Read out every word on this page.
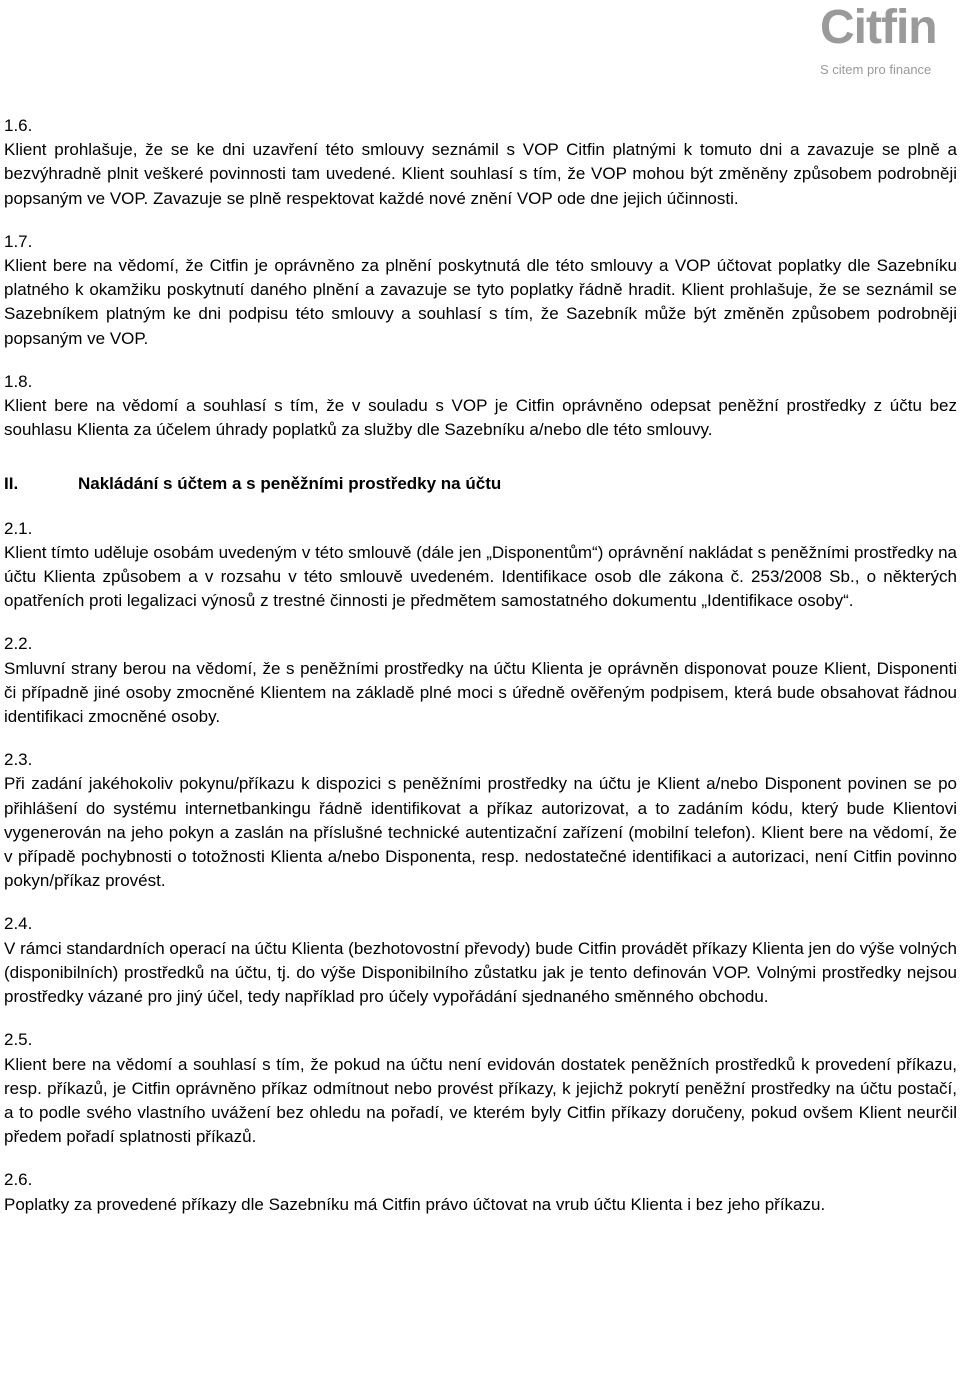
Citfin
S citem pro finance
1.6.
Klient prohlašuje, že se ke dni uzavření této smlouvy seznámil s VOP Citfin platnými k tomuto dni a zavazuje se plně a bezvýhradně plnit veškeré povinnosti tam uvedené. Klient souhlasí s tím, že VOP mohou být změněny způsobem podrobněji popsaným ve VOP. Zavazuje se plně respektovat každé nové znění VOP ode dne jejich účinnosti.
1.7.
Klient bere na vědomí, že Citfin je oprávněno za plnění poskytnutá dle této smlouvy a VOP účtovat poplatky dle Sazebníku platného k okamžiku poskytnutí daného plnění a zavazuje se tyto poplatky řádně hradit. Klient prohlašuje, že se seznámil se Sazebníkem platným ke dni podpisu této smlouvy a souhlasí s tím, že Sazebník může být změněn způsobem podrobněji popsaným ve VOP.
1.8.
Klient bere na vědomí a souhlasí s tím, že v souladu s VOP je Citfin oprávněno odepsat peněžní prostředky z účtu bez souhlasu Klienta za účelem úhrady poplatků za služby dle Sazebníku a/nebo dle této smlouvy.
II.	Nakládání s účtem a s peněžními prostředky na účtu
2.1.
Klient tímto uděluje osobám uvedeným v této smlouvě (dále jen „Disponentům“) oprávnění nakládat s peněžními prostředky na účtu Klienta způsobem a v rozsahu v této smlouvě uvedeném. Identifikace osob dle zákona č. 253/2008 Sb., o některých opatřeních proti legalizaci výnosů z trestné činnosti je předmětem samostatného dokumentu „Identifikace osoby“.
2.2.
Smluvní strany berou na vědomí, že s peněžními prostředky na účtu Klienta je oprávněn disponovat pouze Klient, Disponenti či případně jiné osoby zmocněné Klientem na základě plné moci s úředně ověřeným podpisem, která bude obsahovat řádnou identifikaci zmocněné osoby.
2.3.
Při zadání jakéhokoliv pokynu/příkazu k dispozici s peněžními prostředky na účtu je Klient a/nebo Disponent povinen se po přihlášení do systému internetbankingu řádně identifikovat a příkaz autorizovat, a to zadáním kódu, který bude Klientovi vygenerován na jeho pokyn a zaslán na příslušné technické autentizační zařízení (mobilní telefon). Klient bere na vědomí, že v případě pochybnosti o totožnosti Klienta a/nebo Disponenta, resp. nedostatečné identifikaci a autorizaci, není Citfin povinno pokyn/příkaz provést.
2.4.
V rámci standardních operací na účtu Klienta (bezhotovostní převody) bude Citfin provádět příkazy Klienta jen do výše volných (disponibilních) prostředků na účtu, tj. do výše Disponibilního zůstatku jak je tento definován VOP. Volnými prostředky nejsou prostředky vázané pro jiný účel, tedy například pro účely vypořádání sjednaného směnného obchodu.
2.5.
Klient bere na vědomí a souhlasí s tím, že pokud na účtu není evidován dostatek peněžních prostředků k provedení příkazu, resp. příkazů, je Citfin oprávněno příkaz odmítnout nebo provést příkazy, k jejichž pokrytí peněžní prostředky na účtu postačí, a to podle svého vlastního uvážení bez ohledu na pořadí, ve kterém byly Citfin příkazy doručeny, pokud ovšem Klient neurčil předem pořadí splatnosti příkazů.
2.6.
Poplatky za provedené příkazy dle Sazebníku má Citfin právo účtovat na vrub účtu Klienta i bez jeho příkazu.
